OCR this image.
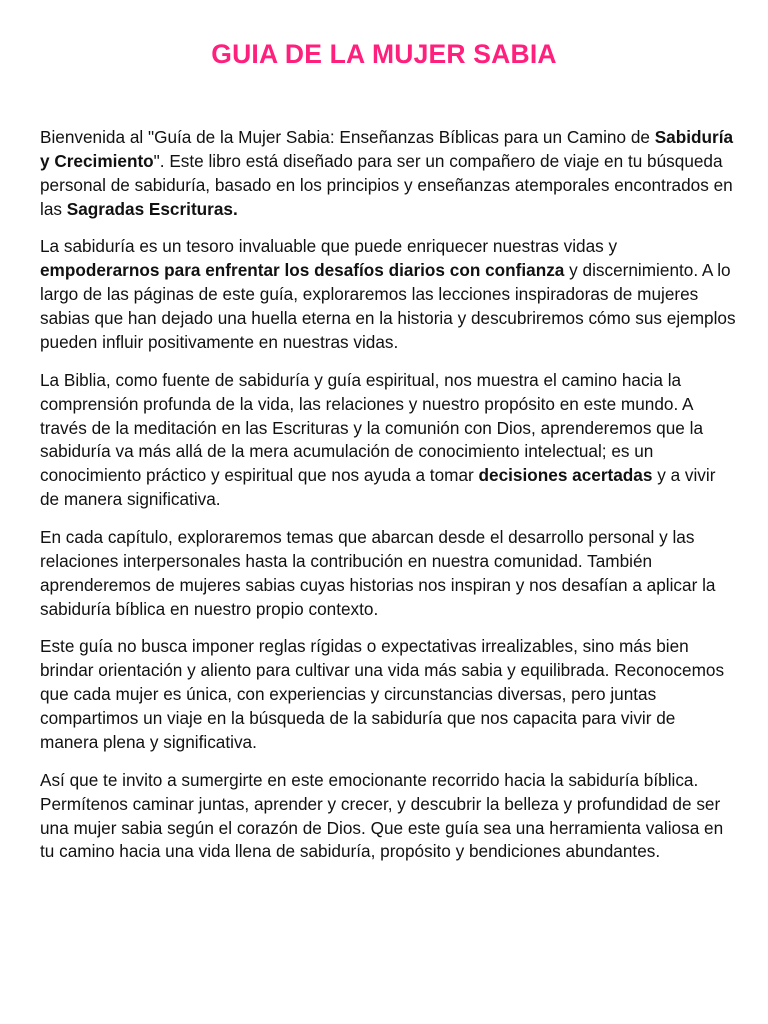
GUIA DE LA MUJER SABIA

Bienvenida al "Guía de la Mujer Sabia: Enseñanzas Bíblicas para un Camino de Sabiduría y Crecimiento". Este libro está diseñado para ser un compañero de viaje en tu búsqueda personal de sabiduría, basado en los principios y enseñanzas atemporales encontrados en las Sagradas Escrituras.

La sabiduría es un tesoro invaluable que puede enriquecer nuestras vidas y empoderarnos para enfrentar los desafíos diarios con confianza y discernimiento. A lo largo de las páginas de este guía, exploraremos las lecciones inspiradoras de mujeres sabias que han dejado una huella eterna en la historia y descubriremos cómo sus ejemplos pueden influir positivamente en nuestras vidas.

La Biblia, como fuente de sabiduría y guía espiritual, nos muestra el camino hacia la comprensión profunda de la vida, las relaciones y nuestro propósito en este mundo. A través de la meditación en las Escrituras y la comunión con Dios, aprenderemos que la sabiduría va más allá de la mera acumulación de conocimiento intelectual; es un conocimiento práctico y espiritual que nos ayuda a tomar decisiones acertadas y a vivir de manera significativa.

En cada capítulo, exploraremos temas que abarcan desde el desarrollo personal y las relaciones interpersonales hasta la contribución en nuestra comunidad. También aprenderemos de mujeres sabias cuyas historias nos inspiran y nos desafían a aplicar la sabiduría bíblica en nuestro propio contexto.

Este guía no busca imponer reglas rígidas o expectativas irrealizables, sino más bien brindar orientación y aliento para cultivar una vida más sabia y equilibrada. Reconocemos que cada mujer es única, con experiencias y circunstancias diversas, pero juntas compartimos un viaje en la búsqueda de la sabiduría que nos capacita para vivir de manera plena y significativa.

Así que te invito a sumergirte en este emocionante recorrido hacia la sabiduría bíblica. Permítenos caminar juntas, aprender y crecer, y descubrir la belleza y profundidad de ser una mujer sabia según el corazón de Dios. Que este guía sea una herramienta valiosa en tu camino hacia una vida llena de sabiduría, propósito y bendiciones abundantes.
